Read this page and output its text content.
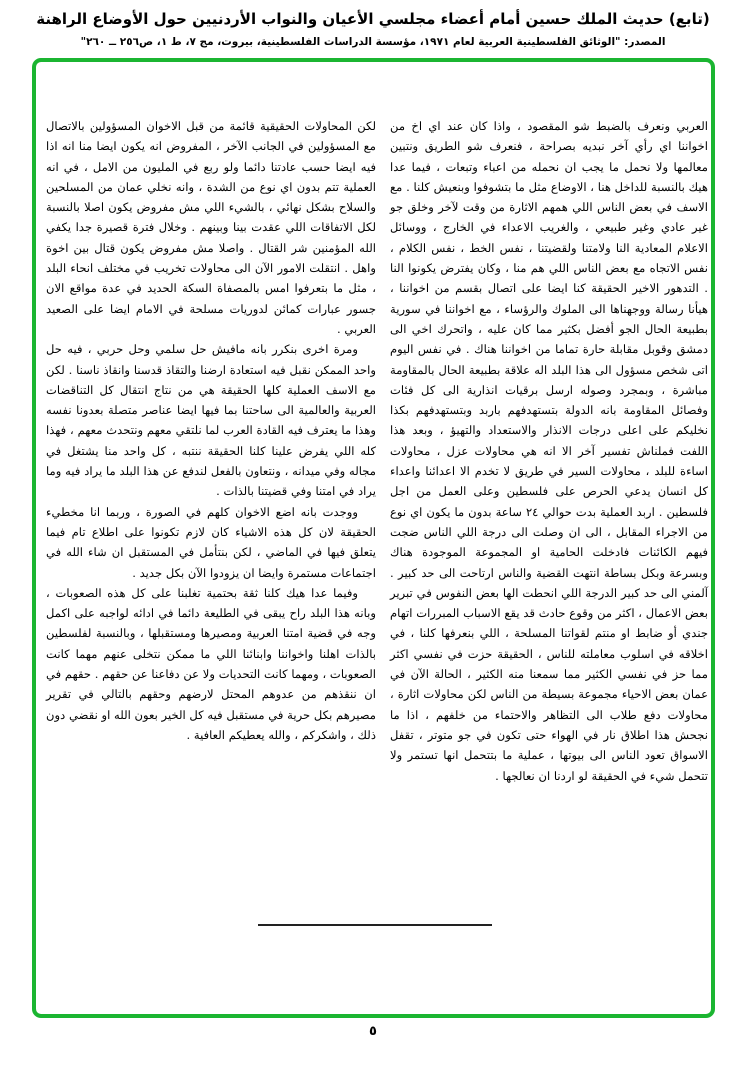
(تابع) حديث الملك حسين أمام أعضاء مجلسي الأعيان والنواب الأردنيين حول الأوضاع الراهنة
المصدر: "الوثائق الفلسطينية العربية لعام ١٩٧١، مؤسسة الدراسات الفلسطينية، بيروت، مج ٧، ط ١، ص٢٥٦ ــ ٢٦٠"

العربي ونعرف بالضبط شو المقصود ، واذا كان عند اي اخ من اخواننا اي رأي آخر نبديه بصراحة ، فنعرف شو الطريق ونتبين معالمها ولا نحمل ما يجب ان نحمله من اعباء وتبعات ، فيما عدا هيك بالنسبة للداخل هنا ، الاوضاع مثل ما بتشوفوا وبنعيش كلنا . مع الاسف في بعض الناس اللي همهم الاثارة من وقت لآخر وخلق جو غير عادي وغير طبيعي ، والغريب الاعداء في الخارج ، ووسائل الاعلام المعادية النا ولامتنا ولقضيتنا ، نفس الخط ، نفس الكلام ، نفس الاتجاه مع بعض الناس اللي هم منا ، وكان يفترض يكونوا النا . التدهور الاخير الحقيقة كنا ايضا على اتصال بقسم من اخواننا ، هيأنا رسالة ووجهناها الى الملوك والرؤساء ، مع اخواننا في سورية بطبيعة الحال الجو أفضل بكثير مما كان عليه ، واتحرك اخي الى دمشق وقوبل مقابلة حارة تماما من اخواننا هناك . في نفس اليوم اتى شخص مسؤول الى هذا البلد اله علاقة بطبيعة الحال بالمقاومة مباشرة ، وبمجرد وصوله ارسل برقيات انذارية الى كل فئات وفصائل المقاومة بانه الدولة بتستهدفهم باربد وبتستهدفهم بكذا نخليكم على اعلى درجات الانذار والاستعداد والتهيؤ ، وبعد هذا اللفت فملناش تفسير آخر الا انه هي محاولات عزل ، محاولات اساءة للبلد ، محاولات السير في طريق لا تخدم الا اعدائنا واعداء كل انسان يدعي الحرص على فلسطين وعلى العمل من اجل فلسطين . اربد العملية بدت حوالي ٢٤ ساعة بدون ما يكون اي نوع من الاجراء المقابل ، الى ان وصلت الى درجة اللي الناس ضجت فيهم الكائنات فادخلت الحامية او المجموعة الموجودة هناك وبسرعة وبكل بساطة انتهت القضية والناس ارتاحت الى حد كبير . آلمني الى حد كبير الدرجة اللي انحطت الها بعض النفوس في تبرير بعض الاعمال ، اكثر من وقوع حادث قد يقع الاسباب المبررات اتهام جندي أو ضابط او منتم لقواتنا المسلحة ، اللي بنعرفها كلنا ، في اخلاقه في اسلوب معاملته للناس ، الحقيقة حزت في نفسي اكثر مما حز في نفسي الكثير مما سمعنا منه الكثير ، الحالة الآن في عمان بعض الاحياء مجموعة بسيطة من الناس لكن محاولات اثارة ، محاولات دفع طلاب الى التظاهر والاحتماء من خلفهم ، اذا ما نجحش هذا اطلاق نار في الهواء حتى تكون في جو متوتر ، تقفل الاسواق تعود الناس الى بيوتها ، عملية ما بتتحمل انها تستمر ولا تتحمل شيء في الحقيقة لو اردنا ان نعالجها .

لكن المحاولات الحقيقية قائمة من قبل الاخوان المسؤولين بالاتصال مع المسؤولين في الجانب الآخر ، المفروض انه يكون ايضا منا انه اذا فيه ايضا حسب عادتنا دائما ولو ربع في المليون من الامل ، في انه العملية تتم بدون اي نوع من الشدة ، وانه نخلي عمان من المسلحين والسلاح بشكل نهائي ، بالشيء اللي مش مفروض يكون اصلا بالنسبة لكل الاتفاقات اللي عقدت بينا وبينهم . وخلال فترة قصيرة جدا يكفي الله المؤمنين شر القتال . واصلا مش مفروض يكون قتال بين اخوة واهل . انتقلت الامور الآن الى محاولات تخريب في مختلف انحاء البلد ، مثل ما بتعرفوا امس بالمصفاة السكة الحديد في عدة مواقع الان جسور عبارات كمائن لدوريات مسلحة في الامام ايضا على الصعيد العربي .

ومرة اخرى بنكرر بانه مافيش حل سلمي وحل حربي ، فيه حل واحد الممكن نقبل فيه استعادة ارضنا والتقاذ قدسنا وانقاذ ناسنا . لكن مع الاسف العملية كلها الحقيقة هي من نتاج انتقال كل التناقضات العربية والعالمية الى ساحتنا بما فيها ايضا عناصر متصلة بعدونا نفسه وهذا ما يعترف فيه القادة العرب لما نلتقي معهم ونتحدث معهم ، فهذا كله اللي يفرض علينا كلنا الحقيقة ننتبه ، كل واحد منا يشتغل في مجاله وفي ميدانه ، ونتعاون بالفعل لندفع عن هذا البلد ما يراد فيه وما يراد في امتنا وفي قضيتنا بالذات .

ووجدت بانه اضع الاخوان كلهم في الصورة ، وربما انا مخطيء الحقيقة لان كل هذه الاشياء كان لازم تكونوا على اطلاع تام فيما يتعلق فيها في الماضي ، لكن بنتأمل في المستقبل ان شاء الله في اجتماعات مستمرة وايضا ان يزودوا الآن بكل جديد .

وفيما عدا هيك كلنا ثقة بحتمية تغلبنا على كل هذه الصعوبات ، وبانه هذا البلد راح يبقى في الطليعة دائما في ادائه لواجبه على اكمل وجه في قضية امتنا العربية ومصيرها ومستقبلها ، وبالنسبة لفلسطين بالذات اهلنا واخواننا وابنائنا اللي ما ممكن نتخلى عنهم مهما كانت الصعوبات ، ومهما كانت التحديات ولا عن دفاعنا عن حقهم . حقهم في ان ننقذهم من عدوهم المحتل لارضهم وحقهم بالتالي في تقرير مصيرهم بكل حرية في مستقبل فيه كل الخير بعون الله او نقضي دون ذلك ، واشكركم ، والله يعطيكم العافية .

٥
